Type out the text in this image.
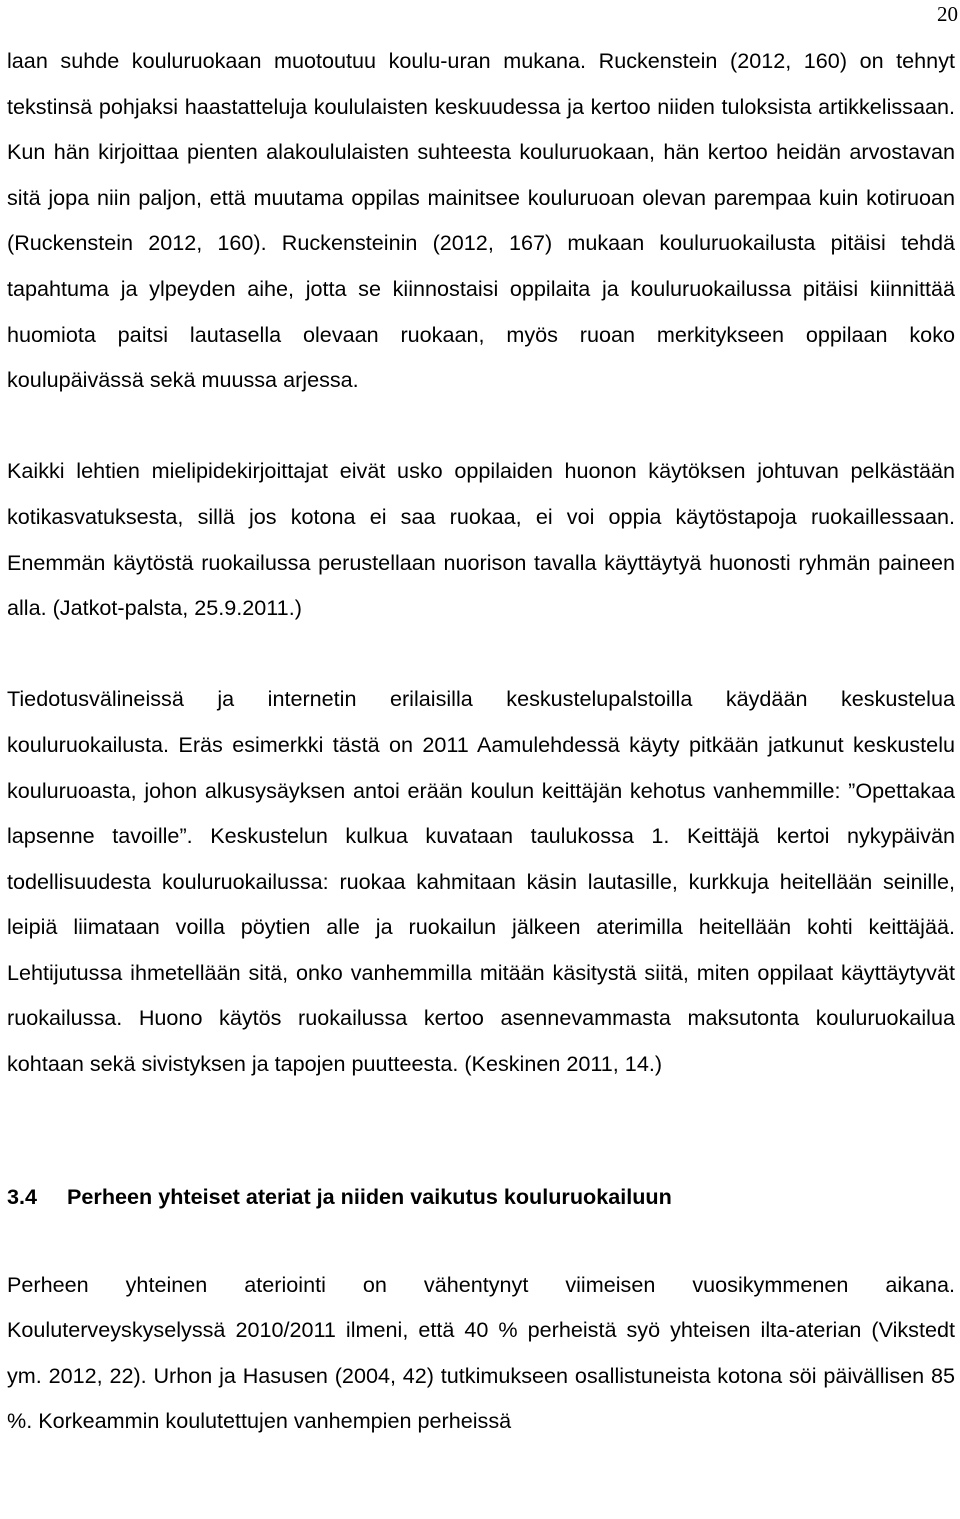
20

laan suhde kouluruokaan muotoutuu koulu-uran mukana. Ruckenstein (2012, 160) on tehnyt tekstinsä pohjaksi haastatteluja koululaisten keskuudessa ja kertoo niiden tuloksista artikkelissaan. Kun hän kirjoittaa pienten alakoululaisten suhteesta kouluruokaan, hän kertoo heidän arvostavan sitä jopa niin paljon, että muutama oppilas mainitsee kouluruoan olevan parempaa kuin kotiruoan (Ruckenstein 2012, 160). Ruckensteinin (2012, 167) mukaan kouluruokailusta pitäisi tehdä tapahtuma ja ylpeyden aihe, jotta se kiinnostaisi oppilaita ja kouluruokailussa pitäisi kiinnittää huomiota paitsi lautasella olevaan ruokaan, myös ruoan merkitykseen oppilaan koko koulupäivässä sekä muussa arjessa.

Kaikki lehtien mielipidekirjoittajat eivät usko oppilaiden huonon käytöksen johtuvan pelkästään kotikasvatuksesta, sillä jos kotona ei saa ruokaa, ei voi oppia käytöstapoja ruokaillessaan. Enemmän käytöstä ruokailussa perustellaan nuorison tavalla käyttäytyä huonosti ryhmän paineen alla. (Jatkot-palsta, 25.9.2011.)

Tiedotusvälineissä ja internetin erilaisilla keskustelupalstoilla käydään keskustelua kouluruokailusta. Eräs esimerkki tästä on 2011 Aamulehdessä käyty pitkään jatkunut keskustelu kouluruoasta, johon alkusysäyksen antoi erään koulun keittäjän kehotus vanhemmille: ”Opettakaa lapsenne tavoille”. Keskustelun kulkua kuvataan taulukossa 1. Keittäjä kertoi nykypäivän todellisuudesta kouluruokailussa: ruokaa kahmitaan käsin lautasille, kurkkuja heitellään seinille, leipiä liimataan voilla pöytien alle ja ruokailun jälkeen aterimilla heitellään kohti keittäjää. Lehtijutussa ihmetellään sitä, onko vanhemmilla mitään käsitystä siitä, miten oppilaat käyttäytyvät ruokailussa. Huono käytös ruokailussa kertoo asennevammasta maksutonta kouluruokailua kohtaan sekä sivistyksen ja tapojen puutteesta. (Keskinen 2011, 14.)

3.4	Perheen yhteiset ateriat ja niiden vaikutus kouluruokailuun

Perheen yhteinen ateriointi on vähentynyt viimeisen vuosikymmenen aikana. Kouluterveyskyselyssä 2010/2011 ilmeni, että 40 % perheistä syö yhteisen ilta-aterian (Vikstedt ym. 2012, 22). Urhon ja Hasusen (2004, 42) tutkimukseen osallistuneista kotona söi päivällisen 85 %. Korkeammin koulutettujen vanhempien perheissä
